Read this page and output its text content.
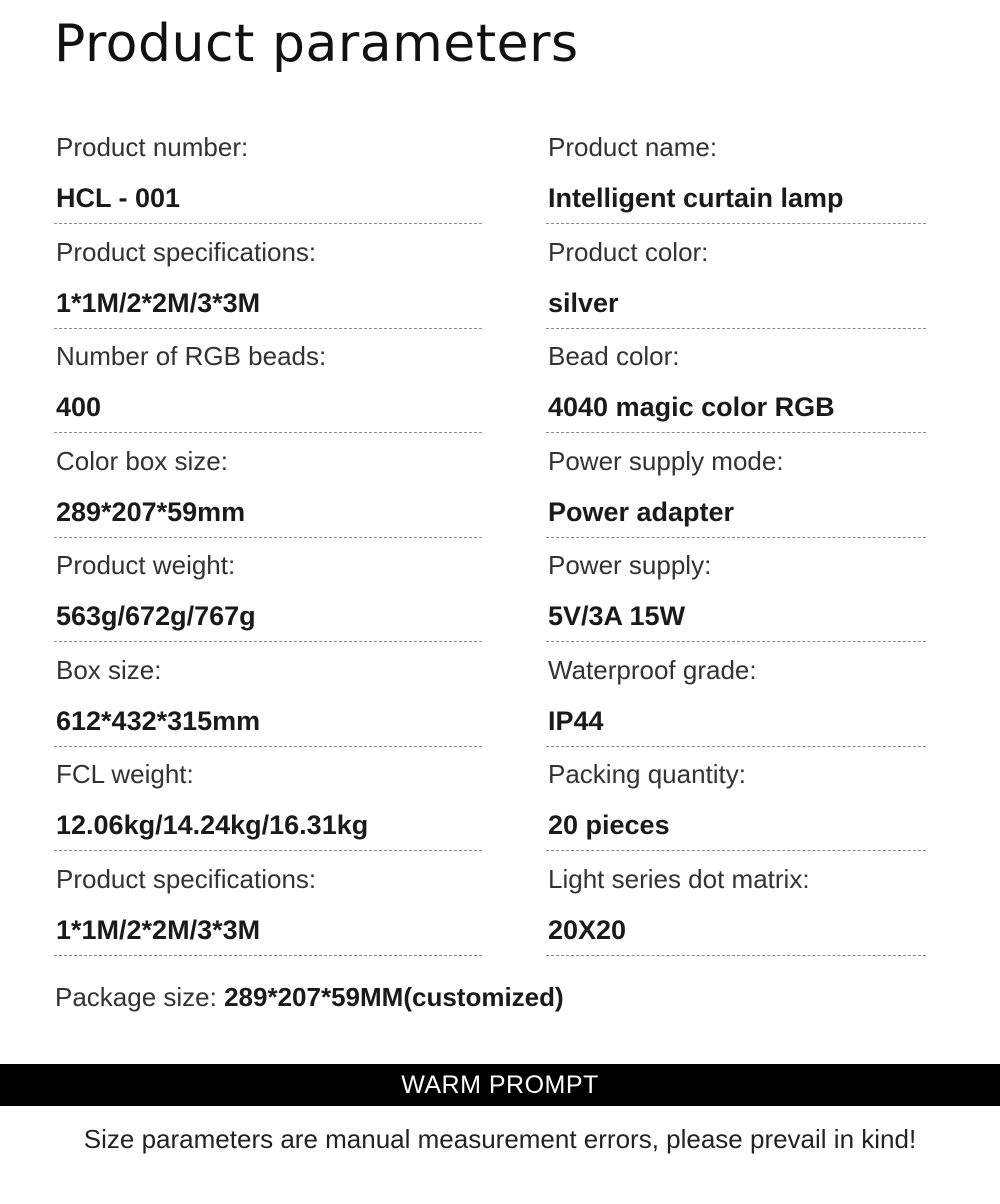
Product parameters
Product number:
HCL - 001
Product specifications:
1*1M/2*2M/3*3M
Number of RGB beads:
400
Color box size:
289*207*59mm
Product weight:
563g/672g/767g
Box size:
612*432*315mm
FCL weight:
12.06kg/14.24kg/16.31kg
Product specifications:
1*1M/2*2M/3*3M
Product name:
Intelligent curtain lamp
Product color:
silver
Bead color:
4040 magic color RGB
Power supply mode:
Power adapter
Power supply:
5V/3A 15W
Waterproof grade:
IP44
Packing quantity:
20 pieces
Light series dot matrix:
20X20
Package size: 289*207*59MM(customized)
WARM PROMPT
Size parameters are manual measurement errors, please prevail in kind!
